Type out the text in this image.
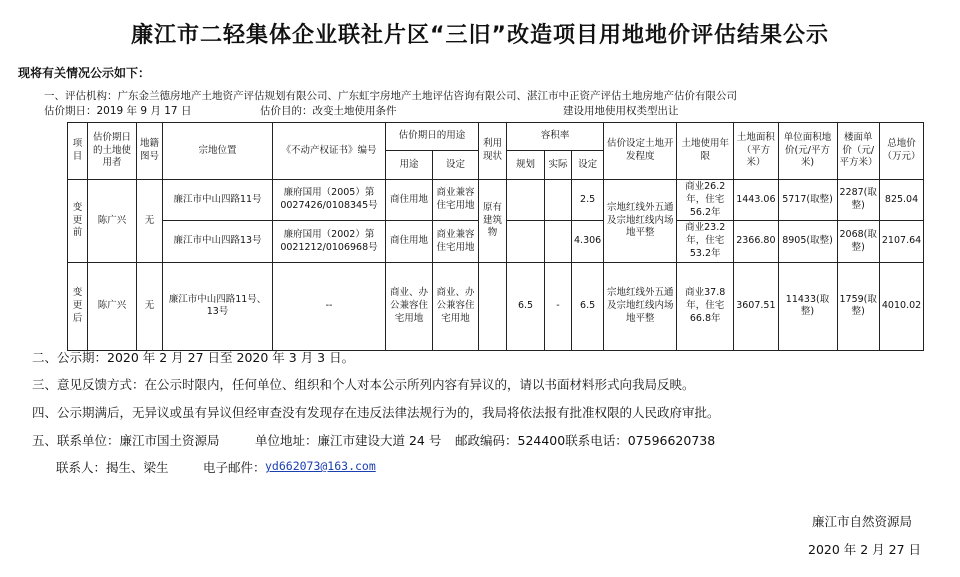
廉江市二轻集体企业联社片区“三旧”改造项目用地地价评估结果公示
现将有关情况公示如下：
一、评估机构：广东金兰德房地产土地资产评估规划有限公司、广东虹宇房地产土地评估咨询有限公司、湛江市中正资产评估土地房地产估价有限公司
估价期日：2019 年 9 月 17 日	估价目的：改变土地使用条件	建设用地使用权类型出让
项目	估价期日的土地使用者	地籍图号	宗地位置	《不动产权证书》编号	估价期日的用途		利用现状	容积率			估价设定土地开发程度	土地使用年限	土地面积（平方米）	单位面积地价(元/平方米)	楼面单价（元/平方米）	总地价（万元）
					用途	设定		规划	实际	设定						
变更前	陈广兴	无	廉江市中山四路11号	廉府国用（2005）第0027426/0108345号	商住用地	商业兼容住宅用地	原有建筑物			2.5	宗地红线外五通及宗地红线内场地平整	商业26.2年，住宅56.2年	1443.06	5717(取整)	2287(取整)	825.04
			廉江市中山四路13号	廉府国用（2002）第0021212/0106968号	商住用地	商业兼容住宅用地				4.306		商业23.2年，住宅53.2年	2366.80	8905(取整)	2068(取整)	2107.64
变更后	陈广兴	无	廉江市中山四路11号、13号	--	商业、办公兼容住宅用地	商业、办公兼容住宅用地		6.5	-	6.5	宗地红线外五通及宗地红线内场地平整	商业37.8年，住宅66.8年	3607.51	11433(取整)	1759(取整)	4010.02
二、公示期：2020 年 2 月 27 日至 2020 年 3 月 3 日。
三、意见反馈方式：在公示时限内，任何单位、组织和个人对本公示所列内容有异议的，请以书面材料形式向我局反映。
四、公示期满后，无异议或虽有异议但经审查没有发现存在违反法律法规行为的，我局将依法报有批准权限的人民政府审批。
五、联系单位：廉江市国土资源局	单位地址：廉江市建设大道 24 号 邮政编码：524400联系电话：07596620738
联系人：揭生、梁生	电子邮件： yd662073@163.com
廉江市自然资源局
2020 年 2 月 27 日
